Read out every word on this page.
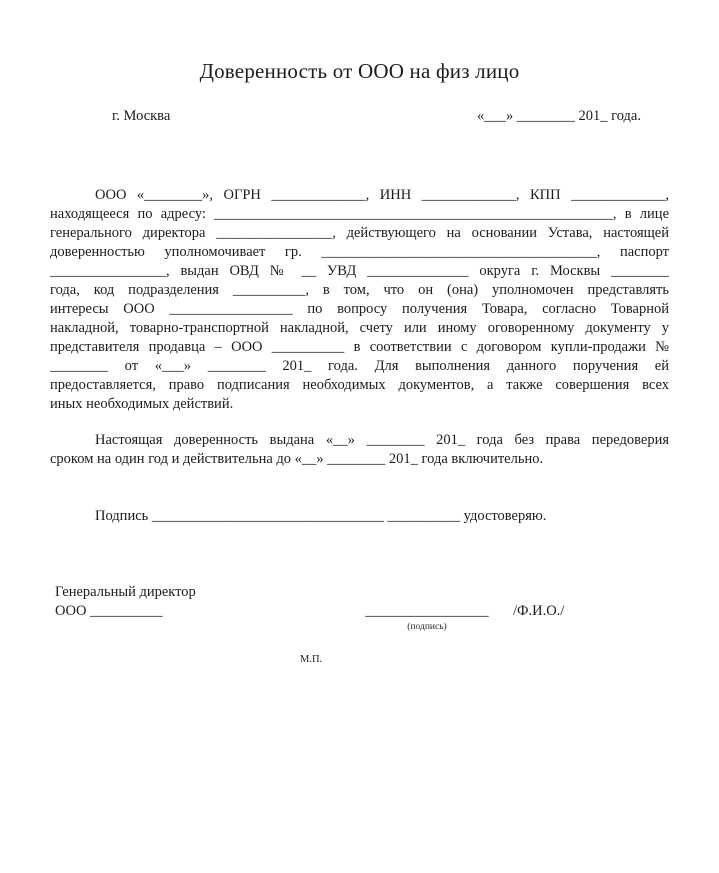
Доверенность от ООО на физ лицо
г. Москва	«___» ________ 201_ года.
ООО «________», ОГРН _____________, ИНН _____________, КПП _____________,
находящееся по адресу: _______________________________________________________, в лице
генерального директора ________________, действующего на основании Устава, настоящей
доверенностью уполномочивает гр. ______________________________________, паспорт
________________, выдан ОВД № __ УВД ______________ округа г. Москвы ________
года, код подразделения __________, в том, что он (она) уполномочен представлять
интересы ООО _________________ по вопросу получения Товара, согласно Товарной
накладной, товарно-транспортной накладной, счету или иному оговоренному документу у
представителя продавца – ООО __________ в соответствии с договором купли-продажи №
________ от «___» ________ 201_ года. Для выполнения данного поручения ей
предоставляется, право подписания необходимых документов, а также совершения всех
иных необходимых действий.
Настоящая доверенность выдана «__» ________ 201_ года без права передоверия
сроком на один год и действительна до «__» ________ 201_ года включительно.
Подпись ________________________________ __________ удостоверяю.
Генеральный директор
ООО __________	_________________
(подпись)
/Ф.И.О./
М.П.
